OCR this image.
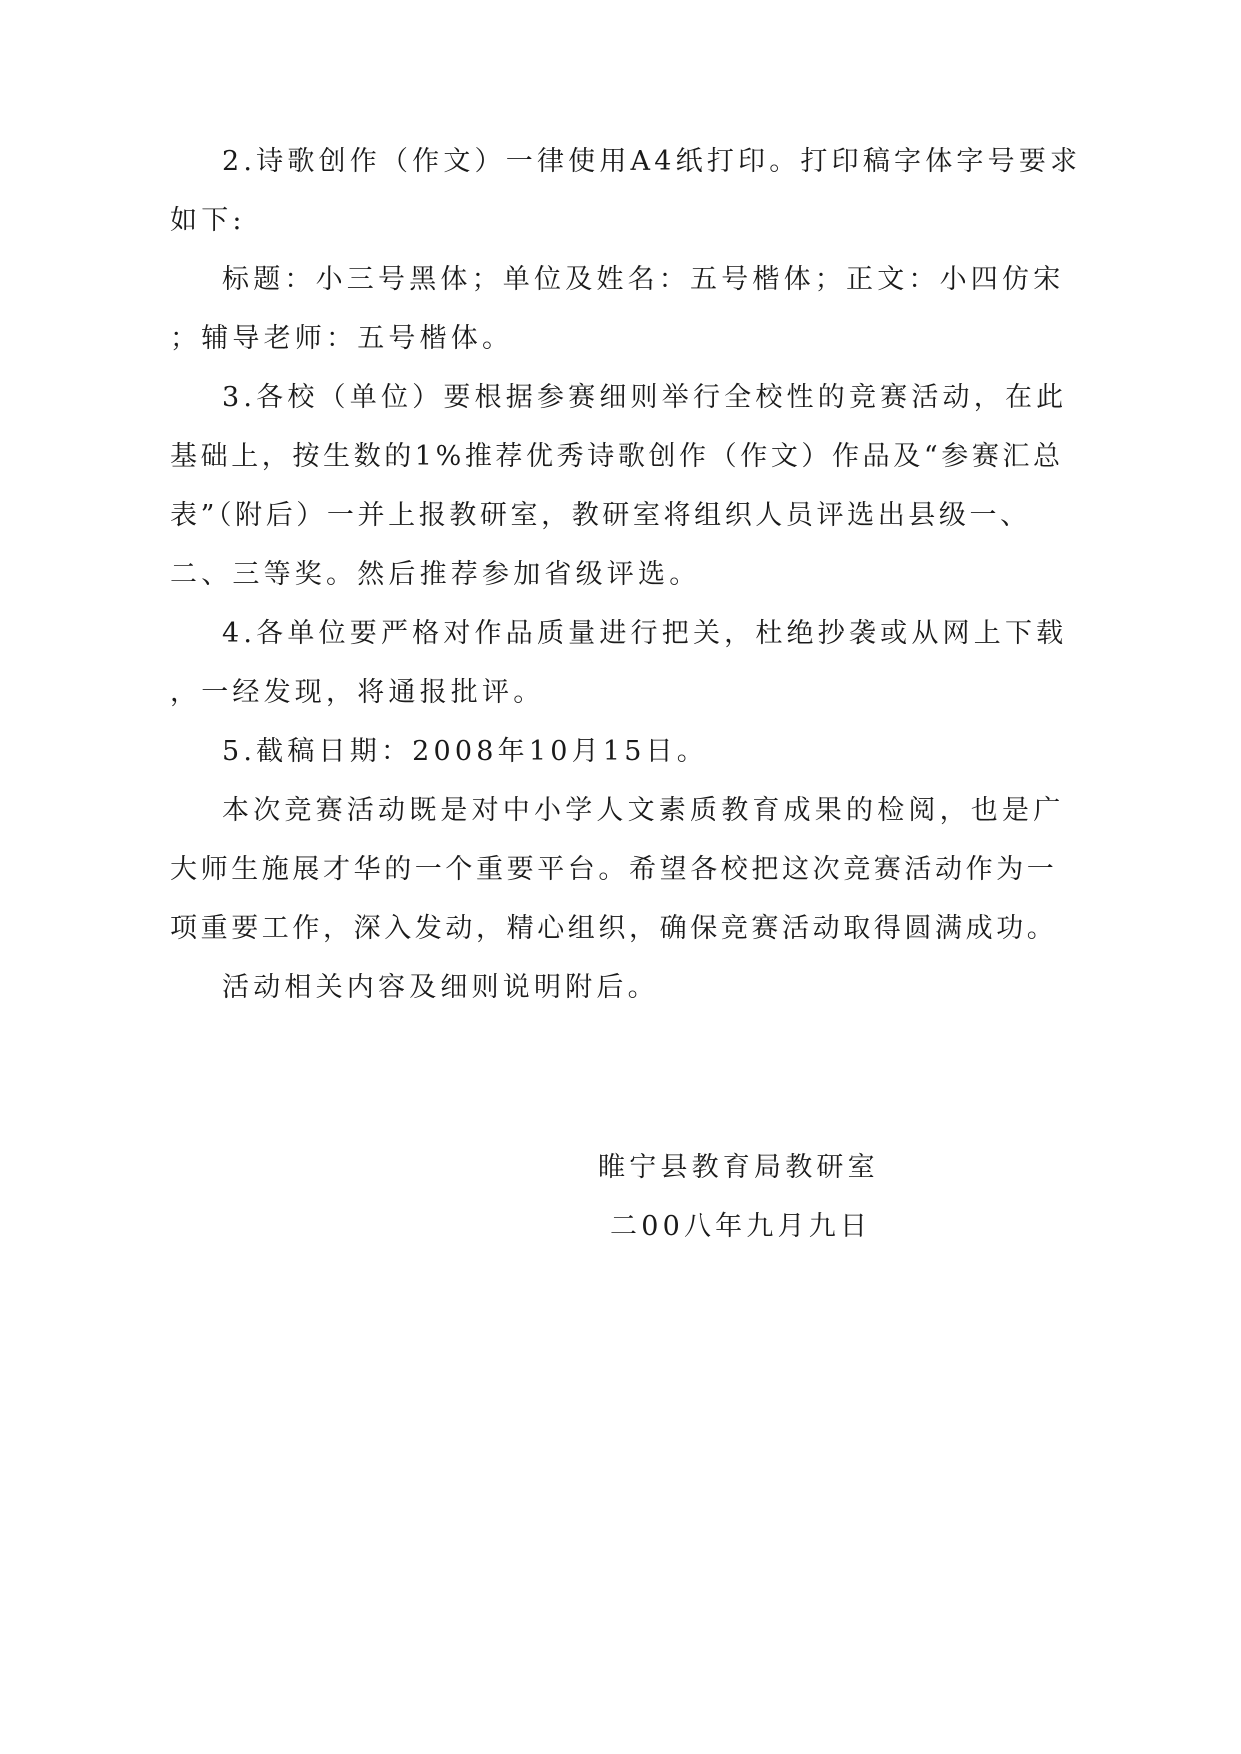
2.诗歌创作（作文）一律使用A4纸打印。打印稿字体字号要求
如下:
标题：小三号黑体；单位及姓名：五号楷体；正文：小四仿宋
；辅导老师：五号楷体。
3.各校（单位）要根据参赛细则举行全校性的竞赛活动，在此
基础上，按生数的1%推荐优秀诗歌创作（作文）作品及“参赛汇总
表”（附后）一并上报教研室，教研室将组织人员评选出县级一、
二、三等奖。然后推荐参加省级评选。
4.各单位要严格对作品质量进行把关，杜绝抄袭或从网上下载
，一经发现，将通报批评。
5.截稿日期：2008年10月15日。
本次竞赛活动既是对中小学人文素质教育成果的检阅，也是广
大师生施展才华的一个重要平台。希望各校把这次竞赛活动作为一
项重要工作，深入发动，精心组织，确保竞赛活动取得圆满成功。
活动相关内容及细则说明附后。
睢宁县教育局教研室
二00八年九月九日
